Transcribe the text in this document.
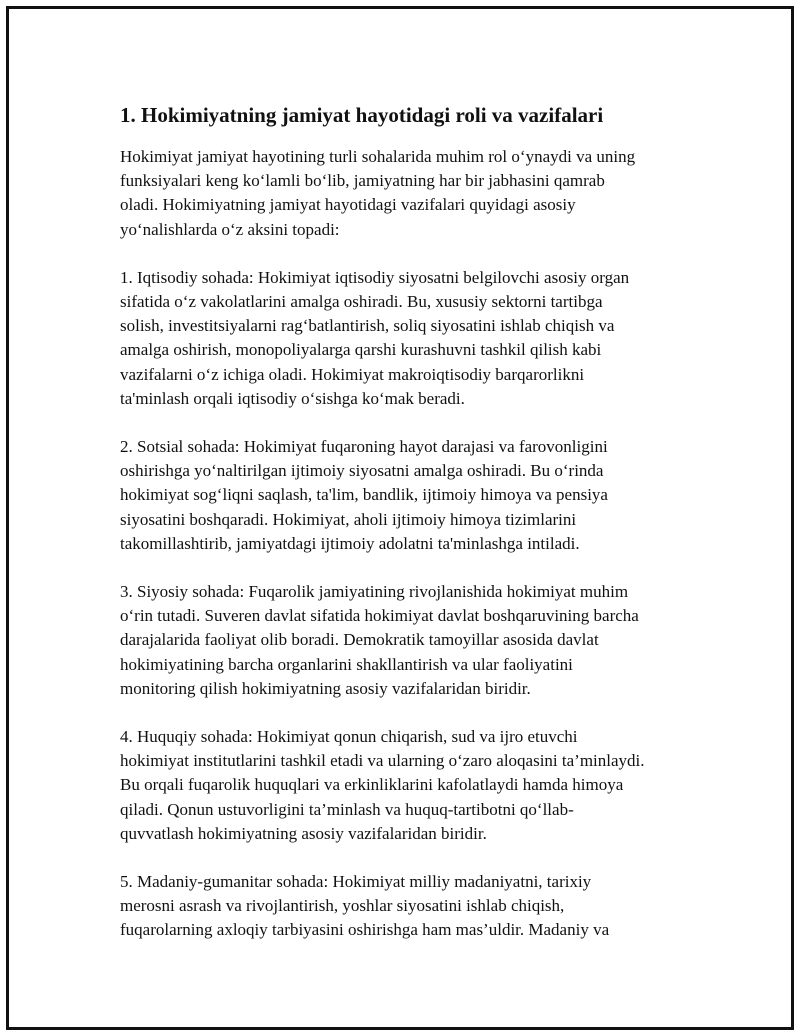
1. Hokimiyatning jamiyat hayotidagi roli va vazifalari

Hokimiyat jamiyat hayotining turli sohalarida muhim rol o‘ynaydi va uning
funksiyalari keng ko‘lamli bo‘lib, jamiyatning har bir jabhasini qamrab
oladi. Hokimiyatning jamiyat hayotidagi vazifalari quyidagi asosiy
yo‘nalishlarda o‘z aksini topadi:

1. Iqtisodiy sohada: Hokimiyat iqtisodiy siyosatni belgilovchi asosiy organ
sifatida o‘z vakolatlarini amalga oshiradi. Bu, xususiy sektorni tartibga
solish, investitsiyalarni rag‘batlantirish, soliq siyosatini ishlab chiqish va
amalga oshirish, monopoliyalarga qarshi kurashuvni tashkil qilish kabi
vazifalarni o‘z ichiga oladi. Hokimiyat makroiqtisodiy barqarorlikni
ta'minlash orqali iqtisodiy o‘sishga ko‘mak beradi.

2. Sotsial sohada: Hokimiyat fuqaroning hayot darajasi va farovonligini
oshirishga yo‘naltirilgan ijtimoiy siyosatni amalga oshiradi. Bu o‘rinda
hokimiyat sog‘liqni saqlash, ta'lim, bandlik, ijtimoiy himoya va pensiya
siyosatini boshqaradi. Hokimiyat, aholi ijtimoiy himoya tizimlarini
takomillashtirib, jamiyatdagi ijtimoiy adolatni ta'minlashga intiladi.

3. Siyosiy sohada: Fuqarolik jamiyatining rivojlanishida hokimiyat muhim
o‘rin tutadi. Suveren davlat sifatida hokimiyat davlat boshqaruvining barcha
darajalarida faoliyat olib boradi. Demokratik tamoyillar asosida davlat
hokimiyatining barcha organlarini shakllantirish va ular faoliyatini
monitoring qilish hokimiyatning asosiy vazifalaridan biridir.

4. Huquqiy sohada: Hokimiyat qonun chiqarish, sud va ijro etuvchi
hokimiyat institutlarini tashkil etadi va ularning o‘zaro aloqasini ta’minlaydi.
Bu orqali fuqarolik huquqlari va erkinliklarini kafolatlaydi hamda himoya
qiladi. Qonun ustuvorligini ta’minlash va huquq-tartibotni qo‘llab-
quvvatlash hokimiyatning asosiy vazifalaridan biridir.

5. Madaniy-gumanitar sohada: Hokimiyat milliy madaniyatni, tarixiy
merosni asrash va rivojlantirish, yoshlar siyosatini ishlab chiqish,
fuqarolarning axloqiy tarbiyasini oshirishga ham mas’uldir. Madaniy va
